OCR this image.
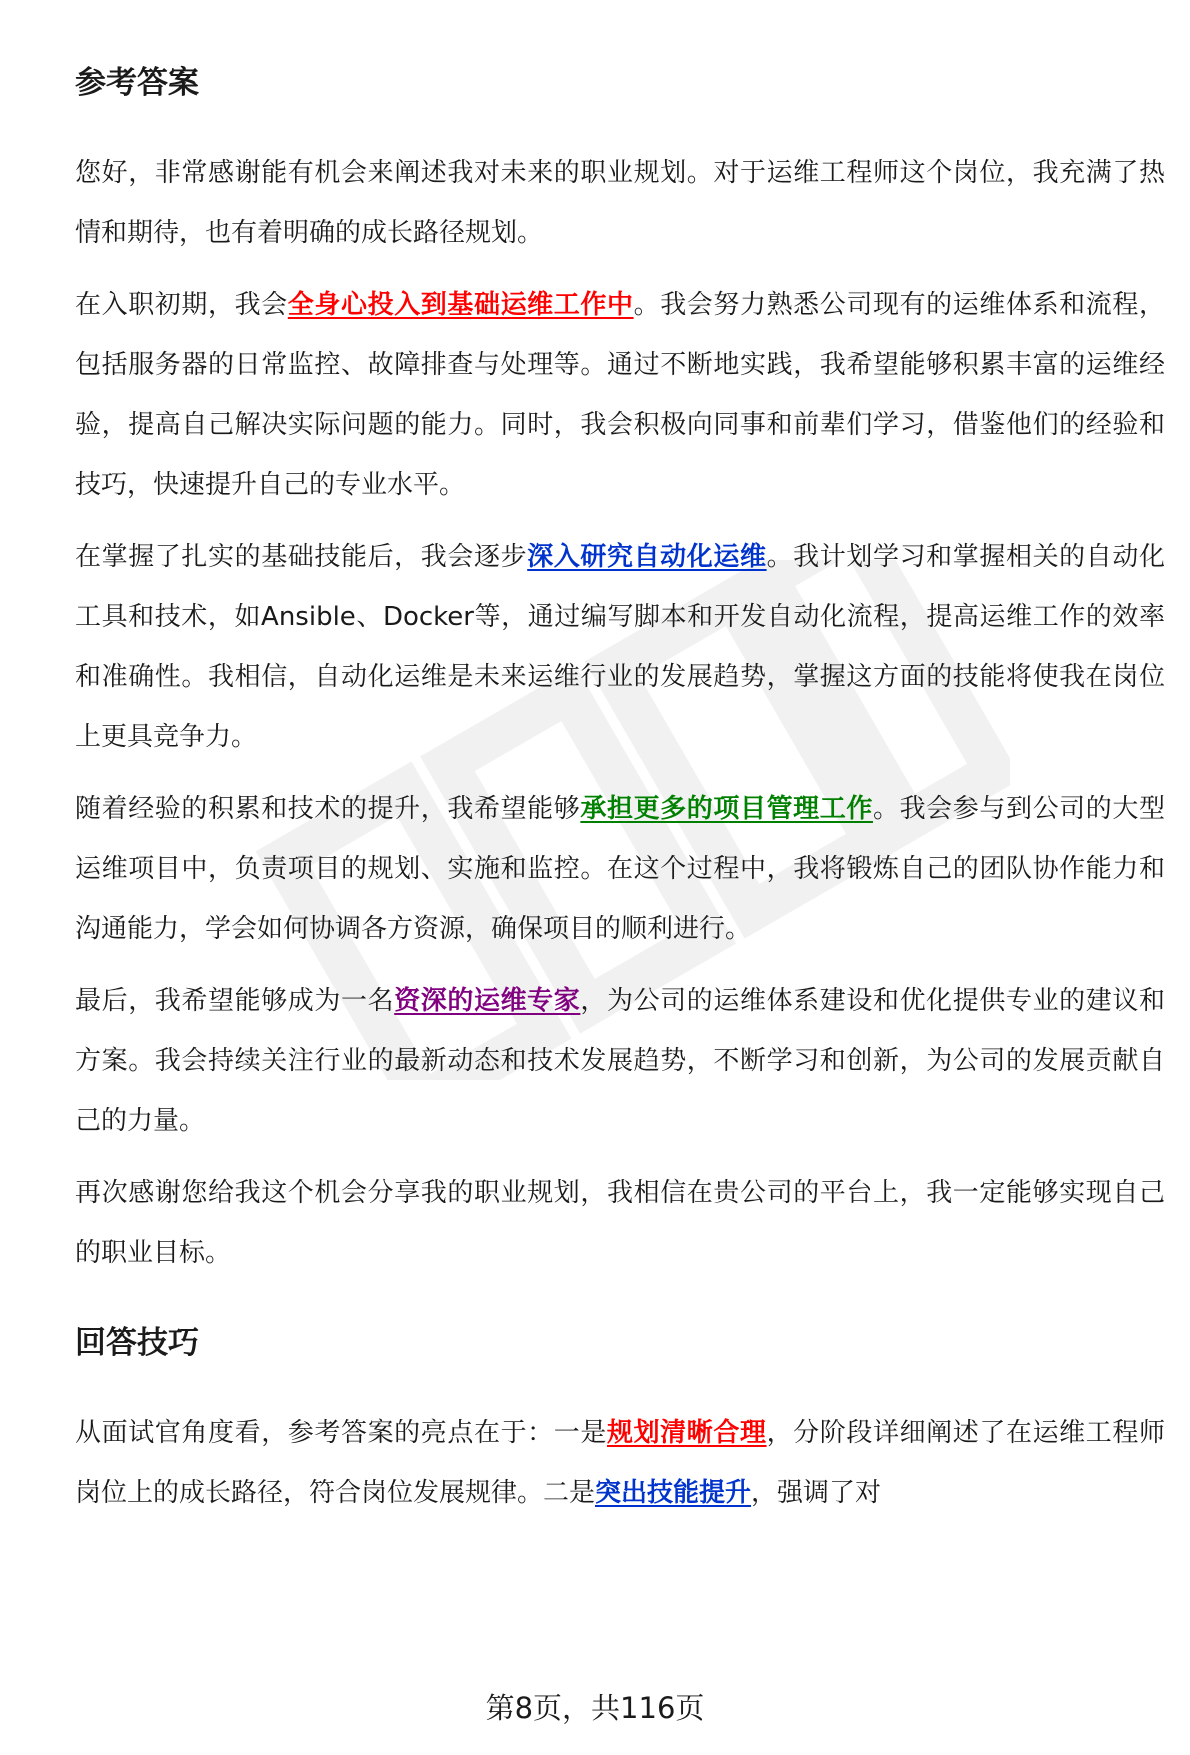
参考答案

您好，非常感谢能有机会来阐述我对未来的职业规划。对于运维工程师这个岗位，我充满了热情和期待，也有着明确的成长路径规划。

在入职初期，我会全身心投入到基础运维工作中。我会努力熟悉公司现有的运维体系和流程，包括服务器的日常监控、故障排查与处理等。通过不断地实践，我希望能够积累丰富的运维经验，提高自己解决实际问题的能力。同时，我会积极向同事和前辈们学习，借鉴他们的经验和技巧，快速提升自己的专业水平。

在掌握了扎实的基础技能后，我会逐步深入研究自动化运维。我计划学习和掌握相关的自动化工具和技术，如Ansible、Docker等，通过编写脚本和开发自动化流程，提高运维工作的效率和准确性。我相信，自动化运维是未来运维行业的发展趋势，掌握这方面的技能将使我在岗位上更具竞争力。

随着经验的积累和技术的提升，我希望能够承担更多的项目管理工作。我会参与到公司的大型运维项目中，负责项目的规划、实施和监控。在这个过程中，我将锻炼自己的团队协作能力和沟通能力，学会如何协调各方资源，确保项目的顺利进行。

最后，我希望能够成为一名资深的运维专家，为公司的运维体系建设和优化提供专业的建议和方案。我会持续关注行业的最新动态和技术发展趋势，不断学习和创新，为公司的发展贡献自己的力量。

再次感谢您给我这个机会分享我的职业规划，我相信在贵公司的平台上，我一定能够实现自己的职业目标。

回答技巧

从面试官角度看，参考答案的亮点在于：一是规划清晰合理，分阶段详细阐述了在运维工程师岗位上的成长路径，符合岗位发展规律。二是突出技能提升，强调了对

第8页，共116页
